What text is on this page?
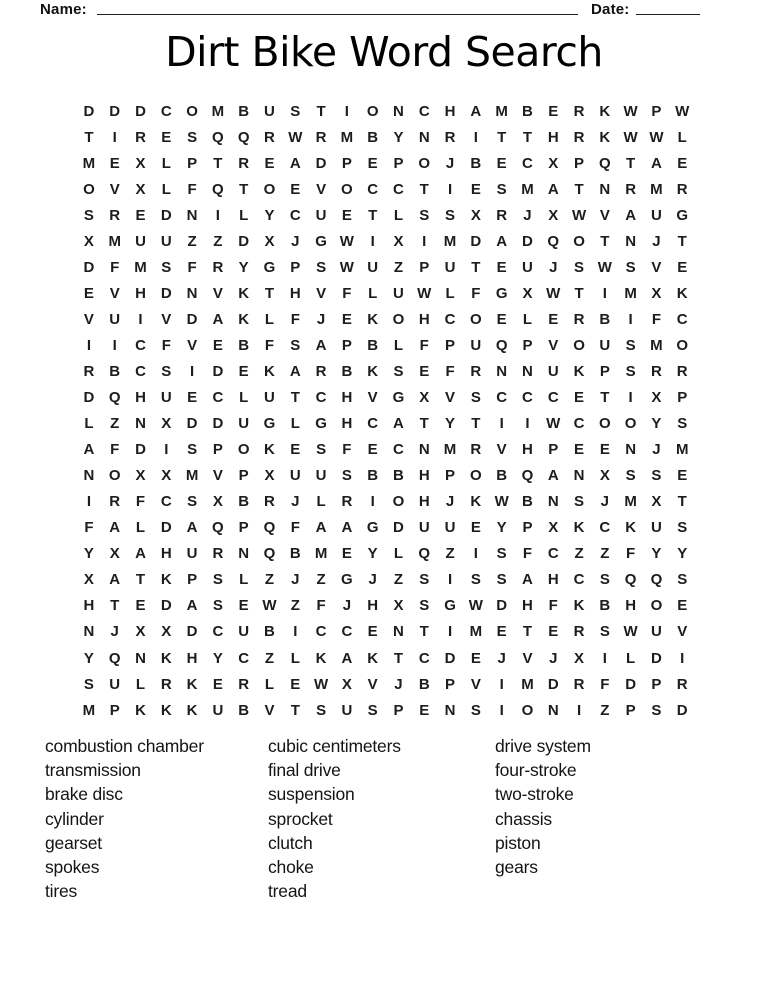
Name:	Date:
Dirt Bike Word Search
D D D C O M B U	S	T	I	O N C H A M B	E	R K W P W
T	I	R	E	S Q Q R W R M B	Y	N R	I	T	T	H R K W W L
M E	X	L	P	T	R	E	A D	P	E	P O	J	B	E	C	X	P Q	T	A	E
O V	X	L	F	Q	T	O E	V O C C	T	I	E	S M A	T	N R M R
S	R	E	D N	I	L	Y	C U	E	T	L	S	S	X	R	J	X W V	A U G
X M U U	Z	Z	D	X	J	G W	I	X	I	M D A D Q O	T	N	J	T
D	F M S	F	R	Y G P	S W U	Z	P	U	T	E	U	J	S W S	V	E
E	V	H D N	V	K	T	H	V	F	L	U W L	F	G X W T	I	M X	K
V	U	I	V	D A K	L	F	J	E	K O H C O E	L	E	R B	I	F	C
I	I	C	F	V	E	B	F	S	A	P	B	L	F	P	U Q P	V O U	S M O
R B C	S	I	D	E	K A R B K	S	E	F	R N N U K	P	S	R R
D Q H U	E	C	L	U	T	C H	V G X	V	S	C C C	E	T	I	X	P
L	Z	N	X	D D U G	L	G H C A	T	Y	T	I	I	W C O O Y	S
A	F	D	I	S	P O K	E	S	F	E	C N M R	V	H	P	E	E	N	J	M
N O X	X M V	P	X	U U	S	B B H	P O B Q A N	X	S	S	E
I	R	F	C	S	X	B R	J	L	R	I	O H	J	K W B N	S	J	M X	T
F	A	L	D A Q P Q	F	A A G D U U	E	Y	P	X	K C K U	S
Y	X	A H U R N Q B M E	Y	L	Q	Z	I	S	F	C	Z	Z	F	Y	Y
X	A	T	K	P	S	L	Z	J	Z	G	J	Z	S	I	S	S	A H C	S Q Q S
H	T	E	D A	S	E W Z	F	J	H	X	S G W D H	F	K B H O E
N	J	X	X	D C U B	I	C C	E	N	T	I	M E	T	E	R	S W U	V
Y Q N K H	Y	C	Z	L	K A K	T	C D	E	J	V	J	X	I	L	D	I
S	U	L	R K	E	R	L	E W X	V	J	B	P	V	I	M D R	F	D	P	R
M P	K K K U B	V	T	S	U	S	P	E	N	S	I	O N	I	Z	P	S	D
combustion chamber
transmission
brake disc
cylinder
gearset
spokes
tires
cubic centimeters
final drive
suspension
sprocket
clutch
choke
tread
drive system
four-stroke
two-stroke
chassis
piston
gears
